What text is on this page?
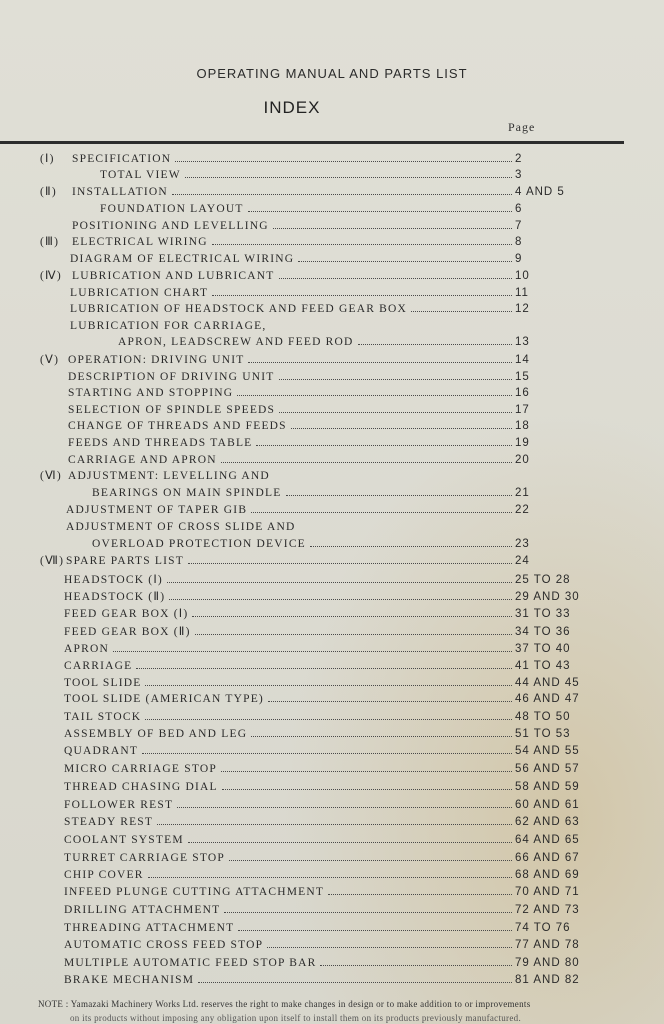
OPERATING MANUAL AND PARTS LIST
INDEX
Page
(Ⅰ) SPECIFICATION	2
TOTAL VIEW	3
(Ⅱ) INSTALLATION	4 AND 5
FOUNDATION LAYOUT	6
POSITIONING AND LEVELLING	7
(Ⅲ) ELECTRICAL WIRING	8
DIAGRAM OF ELECTRICAL WIRING	9
(Ⅳ) LUBRICATION AND LUBRICANT	10
LUBRICATION CHART	11
LUBRICATION OF HEADSTOCK AND FEED GEAR BOX	12
LUBRICATION FOR CARRIAGE,
APRON, LEADSCREW AND FEED ROD	13
(Ⅴ) OPERATION: DRIVING UNIT	14
DESCRIPTION OF DRIVING UNIT	15
STARTING AND STOPPING	16
SELECTION OF SPINDLE SPEEDS	17
CHANGE OF THREADS AND FEEDS	18
FEEDS AND THREADS TABLE	19
CARRIAGE AND APRON	20
(Ⅵ) ADJUSTMENT: LEVELLING AND
BEARINGS ON MAIN SPINDLE	21
ADJUSTMENT OF TAPER GIB	22
ADJUSTMENT OF CROSS SLIDE AND
OVERLOAD PROTECTION DEVICE	23
(Ⅶ) SPARE PARTS LIST	24
HEADSTOCK (Ⅰ)	25 TO 28
HEADSTOCK (Ⅱ)	29 AND 30
FEED GEAR BOX (Ⅰ)	31 TO 33
FEED GEAR BOX (Ⅱ)	34 TO 36
APRON	37 TO 40
CARRIAGE	41 TO 43
TOOL SLIDE	44 AND 45
TOOL SLIDE (AMERICAN TYPE)	46 AND 47
TAIL STOCK	48 TO 50
ASSEMBLY OF BED AND LEG	51 TO 53
QUADRANT	54 AND 55
MICRO CARRIAGE STOP	56 AND 57
THREAD CHASING DIAL	58 AND 59
FOLLOWER REST	60 AND 61
STEADY REST	62 AND 63
COOLANT SYSTEM	64 AND 65
TURRET CARRIAGE STOP	66 AND 67
CHIP COVER	68 AND 69
INFEED PLUNGE CUTTING ATTACHMENT	70 AND 71
DRILLING ATTACHMENT	72 AND 73
THREADING ATTACHMENT	74 TO 76
AUTOMATIC CROSS FEED STOP	77 AND 78
MULTIPLE AUTOMATIC FEED STOP BAR	79 AND 80
BRAKE MECHANISM	81 AND 82
NOTE : Yamazaki Machinery Works Ltd. reserves the right to make changes in design or to make addition to or improvements
on its products without imposing any obligation upon itself to install them on its products previously manufactured.
